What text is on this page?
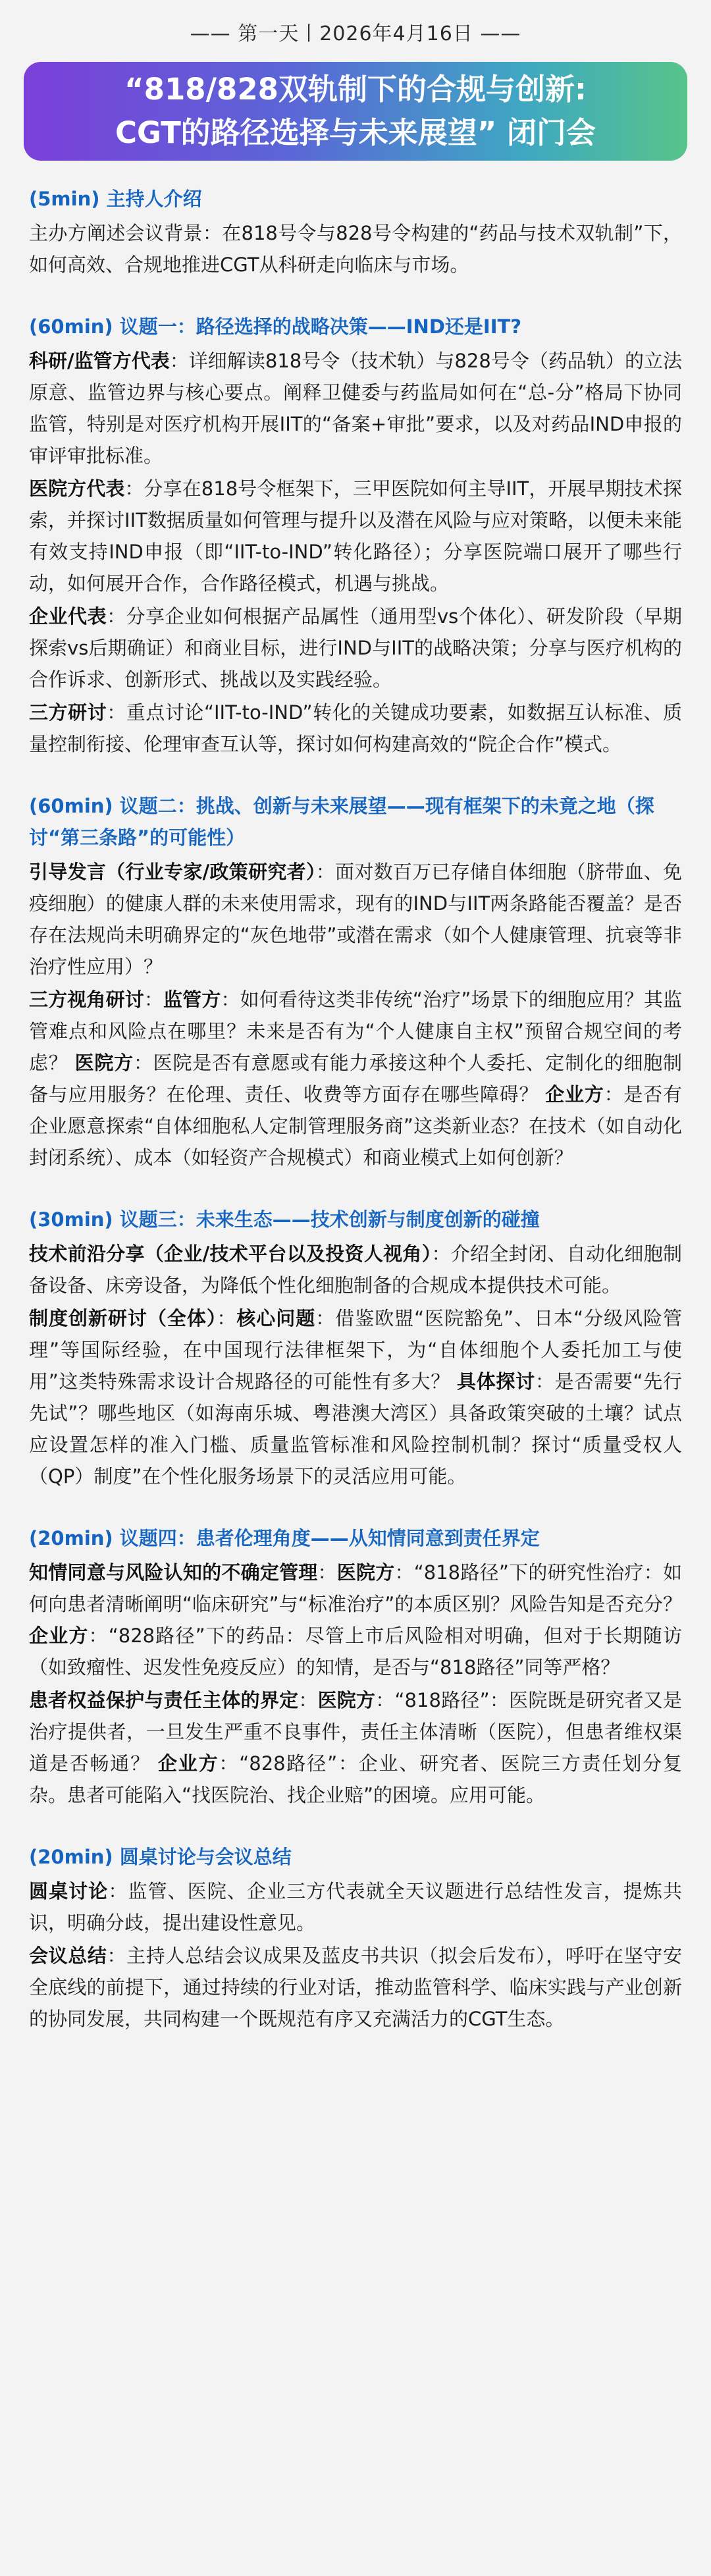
—— 第一天丨2026年4月16日 ——
“818/828双轨制下的合规与创新:
CGT的路径选择与未来展望” 闭门会
(5min) 主持人介绍

主办方阐述会议背景：在818号令与828号令构建的“药品与技术双轨制”下，如何高效、合规地推进CGT从科研走向临床与市场。

(60min) 议题一：路径选择的战略决策——IND还是IIT?

科研/监管方代表：详细解读818号令（技术轨）与828号令（药品轨）的立法原意、监管边界与核心要点。阐释卫健委与药监局如何在“总-分”格局下协同监管，特别是对医疗机构开展IIT的“备案+审批”要求，以及对药品IND申报的审评审批标准。

医院方代表：分享在818号令框架下，三甲医院如何主导IIT，开展早期技术探索，并探讨IIT数据质量如何管理与提升以及潜在风险与应对策略，以便未来能有效支持IND申报（即“IIT-to-IND”转化路径）；分享医院端口展开了哪些行动，如何展开合作，合作路径模式，机遇与挑战。

企业代表：分享企业如何根据产品属性（通用型vs个体化）、研发阶段（早期探索vs后期确证）和商业目标，进行IND与IIT的战略决策；分享与医疗机构的合作诉求、创新形式、挑战以及实践经验。

三方研讨：重点讨论“IIT-to-IND”转化的关键成功要素，如数据互认标准、质量控制衔接、伦理审查互认等，探讨如何构建高效的“院企合作”模式。

(60min) 议题二：挑战、创新与未来展望——现有框架下的未竟之地（探讨“第三条路”的可能性）

引导发言（行业专家/政策研究者）：面对数百万已存储自体细胞（脐带血、免疫细胞）的健康人群的未来使用需求，现有的IND与IIT两条路能否覆盖？是否存在法规尚未明确界定的“灰色地带”或潜在需求（如个人健康管理、抗衰等非治疗性应用）？

三方视角研讨：监管方：如何看待这类非传统“治疗”场景下的细胞应用？其监管难点和风险点在哪里？未来是否有为“个人健康自主权”预留合规空间的考虑？ 医院方：医院是否有意愿或有能力承接这种个人委托、定制化的细胞制备与应用服务？在伦理、责任、收费等方面存在哪些障碍？ 企业方：是否有企业愿意探索“自体细胞私人定制管理服务商”这类新业态？在技术（如自动化封闭系统）、成本（如轻资产合规模式）和商业模式上如何创新？

(30min) 议题三：未来生态——技术创新与制度创新的碰撞

技术前沿分享（企业/技术平台以及投资人视角）：介绍全封闭、自动化细胞制备设备、床旁设备，为降低个性化细胞制备的合规成本提供技术可能。

制度创新研讨（全体）：核心问题：借鉴欧盟“医院豁免”、日本“分级风险管理”等国际经验，在中国现行法律框架下，为“自体细胞个人委托加工与使用”这类特殊需求设计合规路径的可能性有多大？ 具体探讨：是否需要“先行先试”？哪些地区（如海南乐城、粤港澳大湾区）具备政策突破的土壤？试点应设置怎样的准入门槛、质量监管标准和风险控制机制？探讨“质量受权人（QP）制度”在个性化服务场景下的灵活应用可能。

(20min) 议题四：患者伦理角度——从知情同意到责任界定

知情同意与风险认知的不确定管理：医院方：“818路径”下的研究性治疗：如何向患者清晰阐明“临床研究”与“标准治疗”的本质区别？风险告知是否充分？ 企业方：“828路径”下的药品：尽管上市后风险相对明确，但对于长期随访（如致瘤性、迟发性免疫反应）的知情，是否与“818路径”同等严格？

患者权益保护与责任主体的界定：医院方：“818路径”：医院既是研究者又是治疗提供者，一旦发生严重不良事件，责任主体清晰（医院），但患者维权渠道是否畅通？ 企业方：“828路径”：企业、研究者、医院三方责任划分复杂。患者可能陷入“找医院治、找企业赔”的困境。应用可能。

(20min) 圆桌讨论与会议总结

圆桌讨论：监管、医院、企业三方代表就全天议题进行总结性发言，提炼共识，明确分歧，提出建设性意见。

会议总结：主持人总结会议成果及蓝皮书共识（拟会后发布），呼吁在坚守安全底线的前提下，通过持续的行业对话，推动监管科学、临床实践与产业创新的协同发展，共同构建一个既规范有序又充满活力的CGT生态。
